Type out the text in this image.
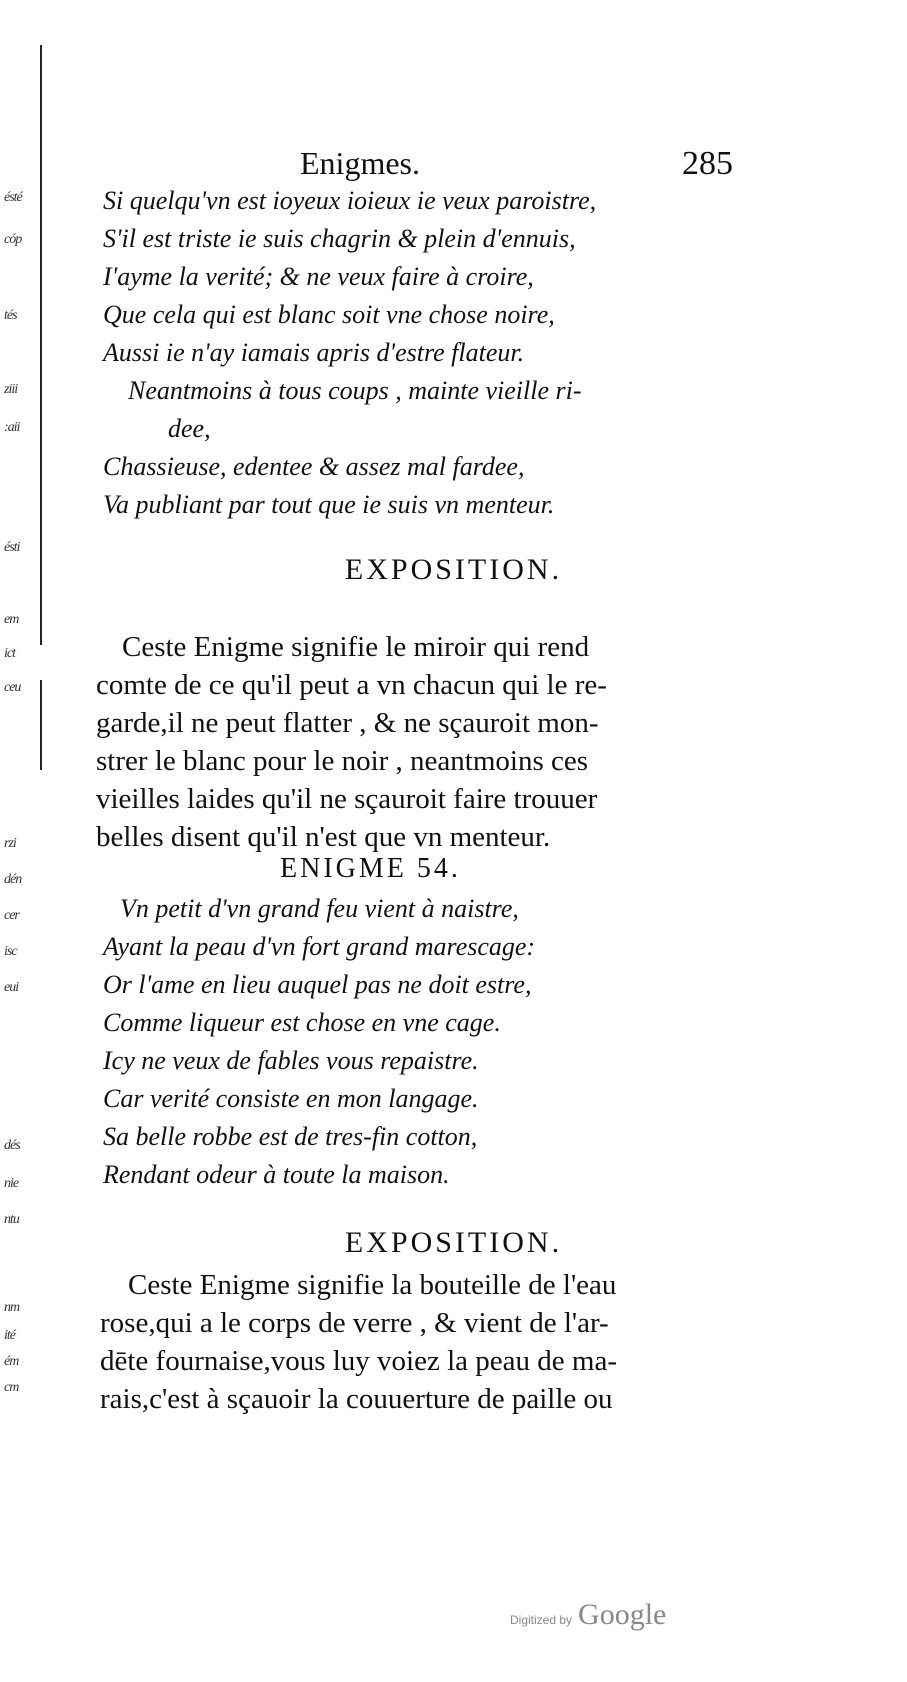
ésté
cóp
tés
ziii
:aii
ésti
em
ict
ceu
rzi
dén
cer
isc
eui
dés
nie
ntu
nm
ité
ém
cm
Enigmes.	285
Si quelqu'vn est ioyeux ioieux ie veux paroistre,
S'il est triste ie suis chagrin & plein d'ennuis,
I'ayme la verité; & ne veux faire à croire,
Que cela qui est blanc soit vne chose noire,
Aussi ie n'ay iamais apris d'estre flateur.
Neantmoins à tous coups , mainte vieille ri-
dee,
Chassieuse, edentee & assez mal fardee,
Va publiant par tout que ie suis vn menteur.
EXPOSITION.
Ceste Enigme signifie le miroir qui rend
comte de ce qu'il peut a vn chacun qui le re-
garde,il ne peut flatter , & ne sçauroit mon-
strer le blanc pour le noir , neantmoins ces
vieilles laides qu'il ne sçauroit faire trouuer
belles disent qu'il n'est que vn menteur.
ENIGME 54.
Vn petit d'vn grand feu vient à naistre,
Ayant la peau d'vn fort grand marescage:
Or l'ame en lieu auquel pas ne doit estre,
Comme liqueur est chose en vne cage.
Icy ne veux de fables vous repaistre.
Car verité consiste en mon langage.
Sa belle robbe est de tres-fin cotton,
Rendant odeur à toute la maison.
EXPOSITION.
Ceste Enigme signifie la bouteille de l'eau
rose,qui a le corps de verre , & vient de l'ar-
dēte fournaise,vous luy voiez la peau de ma-
rais,c'est à sçauoir la couuerture de paille ou
Digitized by Google
